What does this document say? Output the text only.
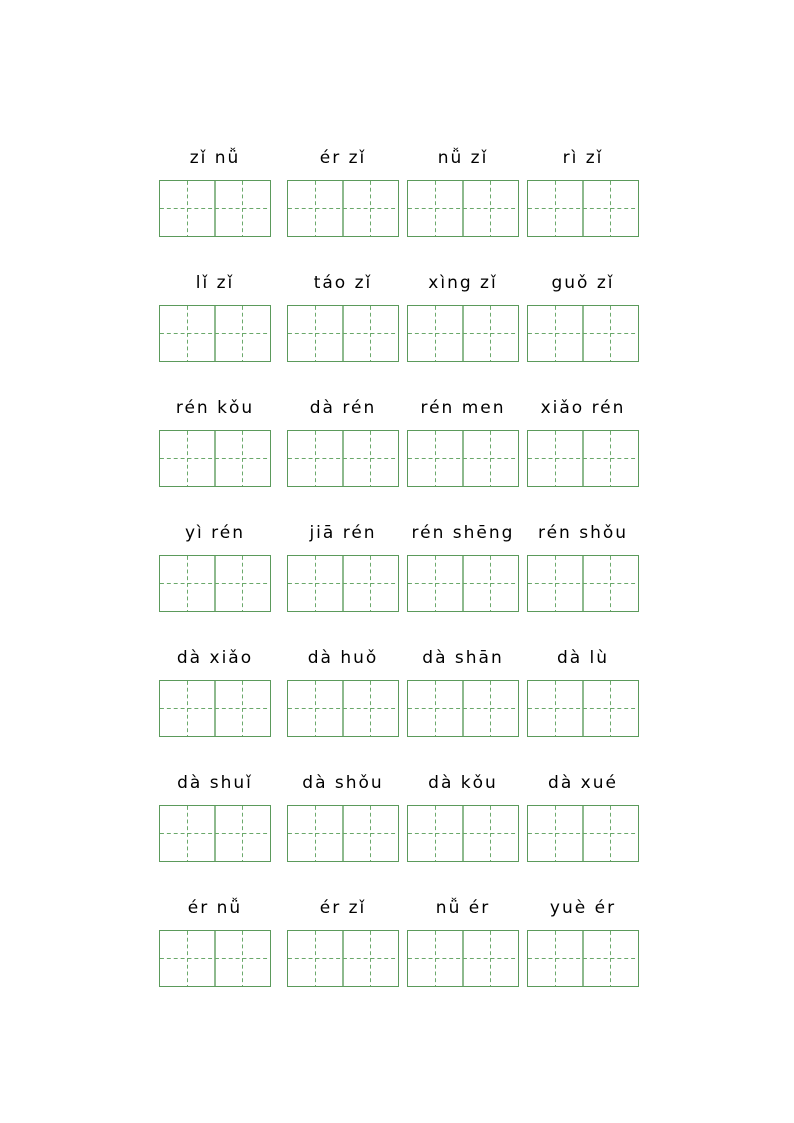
zǐ nǚ	ér zǐ	nǚ zǐ	rì zǐ
lǐ zǐ	táo zǐ	xìng zǐ	guǒ zǐ
rén kǒu	dà rén	rén men	xiǎo rén
yì rén	jiā rén	rén shēng	rén shǒu
dà xiǎo	dà huǒ	dà shān	dà lù
dà shuǐ	dà shǒu	dà kǒu	dà xué
ér nǚ	ér zǐ	nǚ ér	yuè ér
